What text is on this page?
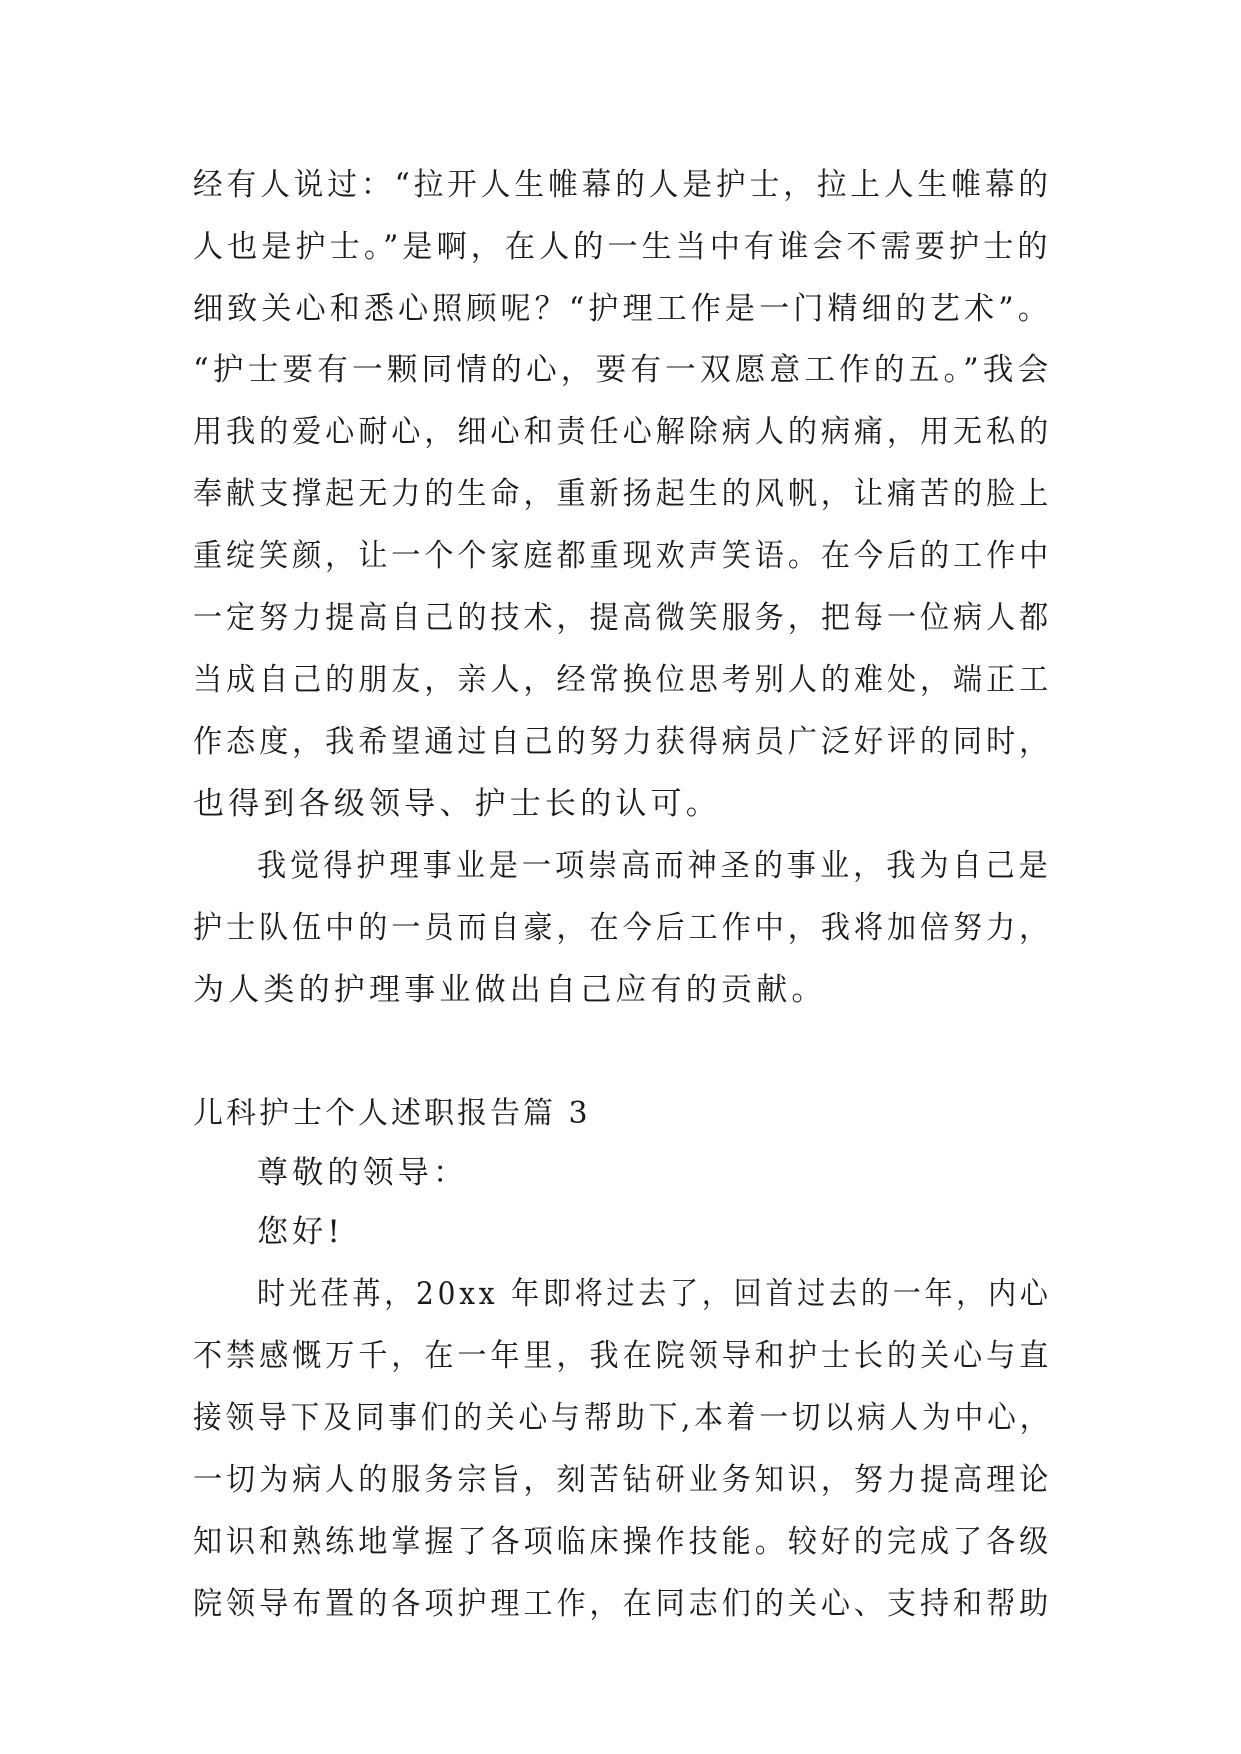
经有人说过：“拉开人生帷幕的人是护士，拉上人生帷幕的
人也是护士。”是啊，在人的一生当中有谁会不需要护士的
细致关心和悉心照顾呢？“护理工作是一门精细的艺术”。
“护士要有一颗同情的心，要有一双愿意工作的五。”我会
用我的爱心耐心，细心和责任心解除病人的病痛，用无私的
奉献支撑起无力的生命，重新扬起生的风帆，让痛苦的脸上
重绽笑颜，让一个个家庭都重现欢声笑语。在今后的工作中
一定努力提高自己的技术，提高微笑服务，把每一位病人都
当成自己的朋友，亲人，经常换位思考别人的难处，端正工
作态度，我希望通过自己的努力获得病员广泛好评的同时，
也得到各级领导、护士长的认可。
我觉得护理事业是一项崇高而神圣的事业，我为自己是
护士队伍中的一员而自豪，在今后工作中，我将加倍努力，
为人类的护理事业做出自己应有的贡献。
儿科护士个人述职报告篇 3
尊敬的领导：
您好!
时光荏苒，20xx 年即将过去了，回首过去的一年，内心
不禁感慨万千，在一年里，我在院领导和护士长的关心与直
接领导下及同事们的关心与帮助下,本着一切以病人为中心，
一切为病人的服务宗旨，刻苦钻研业务知识，努力提高理论
知识和熟练地掌握了各项临床操作技能。较好的完成了各级
院领导布置的各项护理工作，在同志们的关心、支持和帮助
